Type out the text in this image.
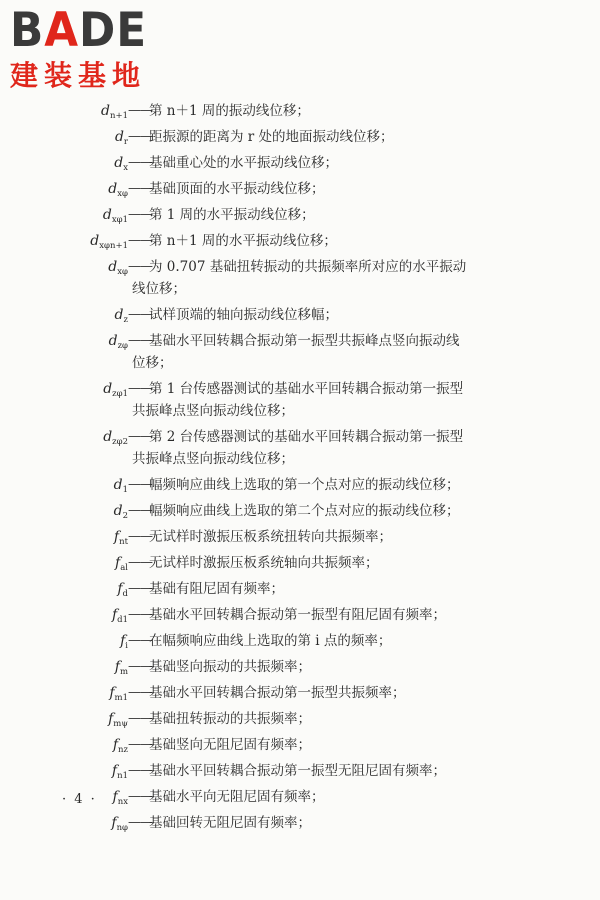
BADE
建装基地
$d_{n+1}$ ——
第 n＋1 周的振动线位移；
$d_r$ ——
距振源的距离为 r 处的地面振动线位移；
$d_x$ ——
基础重心处的水平振动线位移；
$d_{x\varphi}$ ——
基础顶面的水平振动线位移；
$d_{x\varphi 1}$ ——
第 1 周的水平振动线位移；
$d_{x\varphi n+1}$ ——
第 n＋1 周的水平振动线位移；
$d_{x\varphi}$ ——
为 0.707 基础扭转振动的共振频率所对应的水平振动
线位移；
$d_z$ ——
试样顶端的轴向振动线位移幅；
$d_{z\varphi}$ ——
基础水平回转耦合振动第一振型共振峰点竖向振动线
位移；
$d_{z\varphi 1}$ ——
第 1 台传感器测试的基础水平回转耦合振动第一振型
共振峰点竖向振动线位移；
$d_{z\varphi 2}$ ——
第 2 台传感器测试的基础水平回转耦合振动第一振型
共振峰点竖向振动线位移；
$d_1$ ——
幅频响应曲线上选取的第一个点对应的振动线位移；
$d_2$ ——
幅频响应曲线上选取的第二个点对应的振动线位移；
$f_{nt}$ ——
无试样时激振压板系统扭转向共振频率；
$f_{al}$ ——
无试样时激振压板系统轴向共振频率；
$f_d$ ——
基础有阻尼固有频率；
$f_{d1}$ ——
基础水平回转耦合振动第一振型有阻尼固有频率；
$f_i$ ——
在幅频响应曲线上选取的第 i 点的频率；
$f_m$ ——
基础竖向振动的共振频率；
$f_{m1}$ ——
基础水平回转耦合振动第一振型共振频率；
$f_{m\psi}$ ——
基础扭转振动的共振频率；
$f_{nz}$ ——
基础竖向无阻尼固有频率；
$f_{n1}$ ——
基础水平回转耦合振动第一振型无阻尼固有频率；
$f_{nx}$ ——
基础水平向无阻尼固有频率；
$f_{n\varphi}$ ——
基础回转无阻尼固有频率；
· 4 ·
